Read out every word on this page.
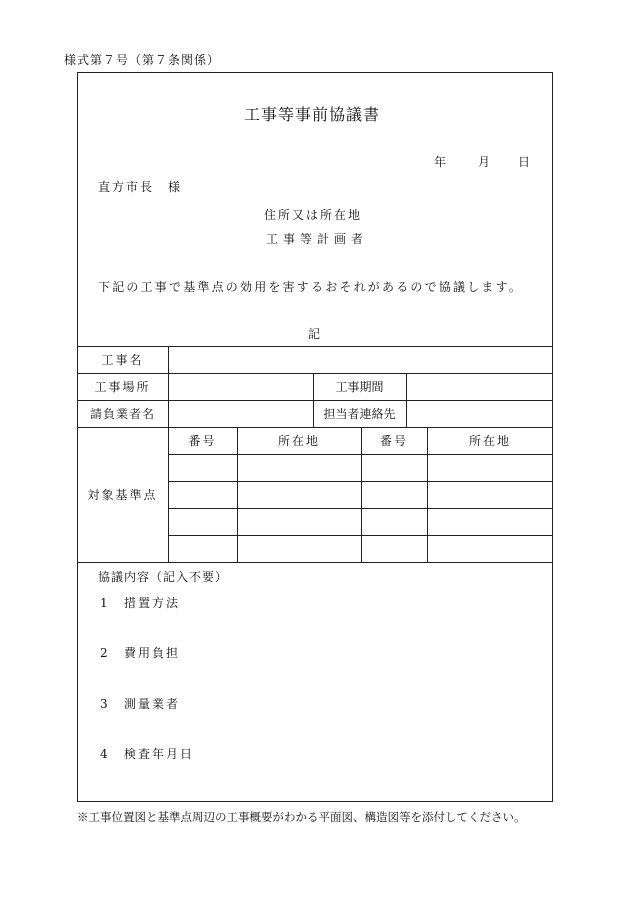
様式第７号（第７条関係）
工事等事前協議書
年	月 日
直方市長　様
住所又は所在地
工事等計画者
下記の工事で基準点の効用を害するおそれがあるので協議します。
記
工事名
工事場所	工事期間
請負業者名	担当者連絡先
対象基準点
番号	所在地	番号	所在地
協議内容（記入不要）
1 措置方法
2 費用負担
3 測量業者
4 検査年月日
※工事位置図と基準点周辺の工事概要がわかる平面図、構造図等を添付してください。
